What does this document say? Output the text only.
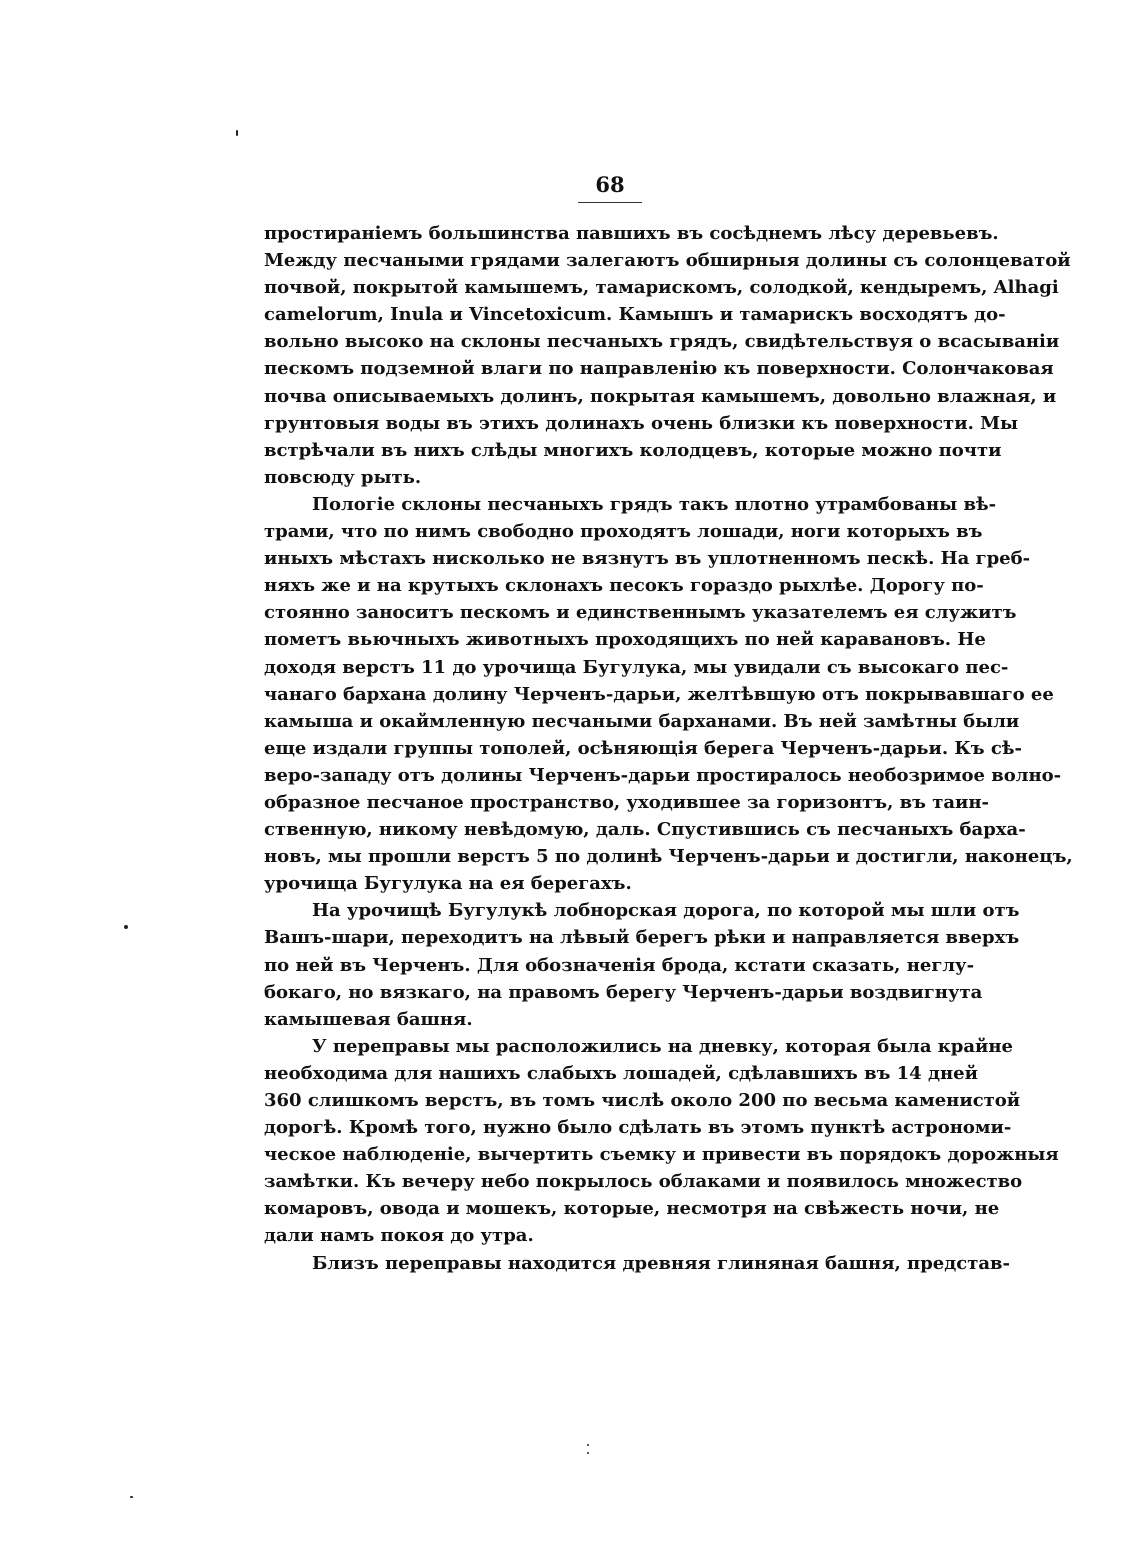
68
простираніемъ большинства павшихъ въ сосѣднемъ лѣсу деревьевъ.
Между песчаными грядами залегаютъ обширныя долины съ солонцеватой
почвой, покрытой камышемъ, тамарискомъ, солодкой, кендыремъ, Alhagi
camelorum, Inula и Vincetoxicum. Камышъ и тамарискъ восходятъ до-
вольно высоко на склоны песчаныхъ грядъ, свидѣтельствуя о всасываніи
пескомъ подземной влаги по направленію къ поверхности. Солончаковая
почва описываемыхъ долинъ, покрытая камышемъ, довольно влажная, и
грунтовыя воды въ этихъ долинахъ очень близки къ поверхности. Мы
встрѣчали въ нихъ слѣды многихъ колодцевъ, которые можно почти
повсюду рыть.
Пологіе склоны песчаныхъ грядъ такъ плотно утрамбованы вѣ-
трами, что по нимъ свободно проходятъ лошади, ноги которыхъ въ
иныхъ мѣстахъ нисколько не вязнутъ въ уплотненномъ пескѣ. На греб-
няхъ же и на крутыхъ склонахъ песокъ гораздо рыхлѣе. Дорогу по-
стоянно заноситъ пескомъ и единственнымъ указателемъ ея служитъ
пометъ вьючныхъ животныхъ проходящихъ по ней каравановъ. Не
доходя верстъ 11 до урочища Бугулука, мы увидали съ высокаго пес-
чанаго бархана долину Черченъ-дарьи, желтѣвшую отъ покрывавшаго ее
камыша и окаймленную песчаными барханами. Въ ней замѣтны были
еще издали группы тополей, осѣняющія берега Черченъ-дарьи. Къ сѣ-
веро-западу отъ долины Черченъ-дарьи простиралось необозримое волно-
образное песчаное пространство, уходившее за горизонтъ, въ таин-
ственную, никому невѣдомую, даль. Спустившись съ песчаныхъ барха-
новъ, мы прошли верстъ 5 по долинѣ Черченъ-дарьи и достигли, наконецъ,
урочища Бугулука на ея берегахъ.
На урочищѣ Бугулукѣ лобнорская дорога, по которой мы шли отъ
Вашъ-шари, переходитъ на лѣвый берегъ рѣки и направляется вверхъ
по ней въ Черченъ. Для обозначенія брода, кстати сказать, неглу-
бокаго, но вязкаго, на правомъ берегу Черченъ-дарьи воздвигнута
камышевая башня.
У переправы мы расположились на дневку, которая была крайне
необходима для нашихъ слабыхъ лошадей, сдѣлавшихъ въ 14 дней
360 слишкомъ верстъ, въ томъ числѣ около 200 по весьма каменистой
дорогѣ. Кромѣ того, нужно было сдѣлать въ этомъ пунктѣ астрономи-
ческое наблюденіе, вычертить съемку и привести въ порядокъ дорожныя
замѣтки. Къ вечеру небо покрылось облаками и появилось множество
комаровъ, овода и мошекъ, которые, несмотря на свѣжесть ночи, не
дали намъ покоя до утра.
Близъ переправы находится древняя глиняная башня, представ-
